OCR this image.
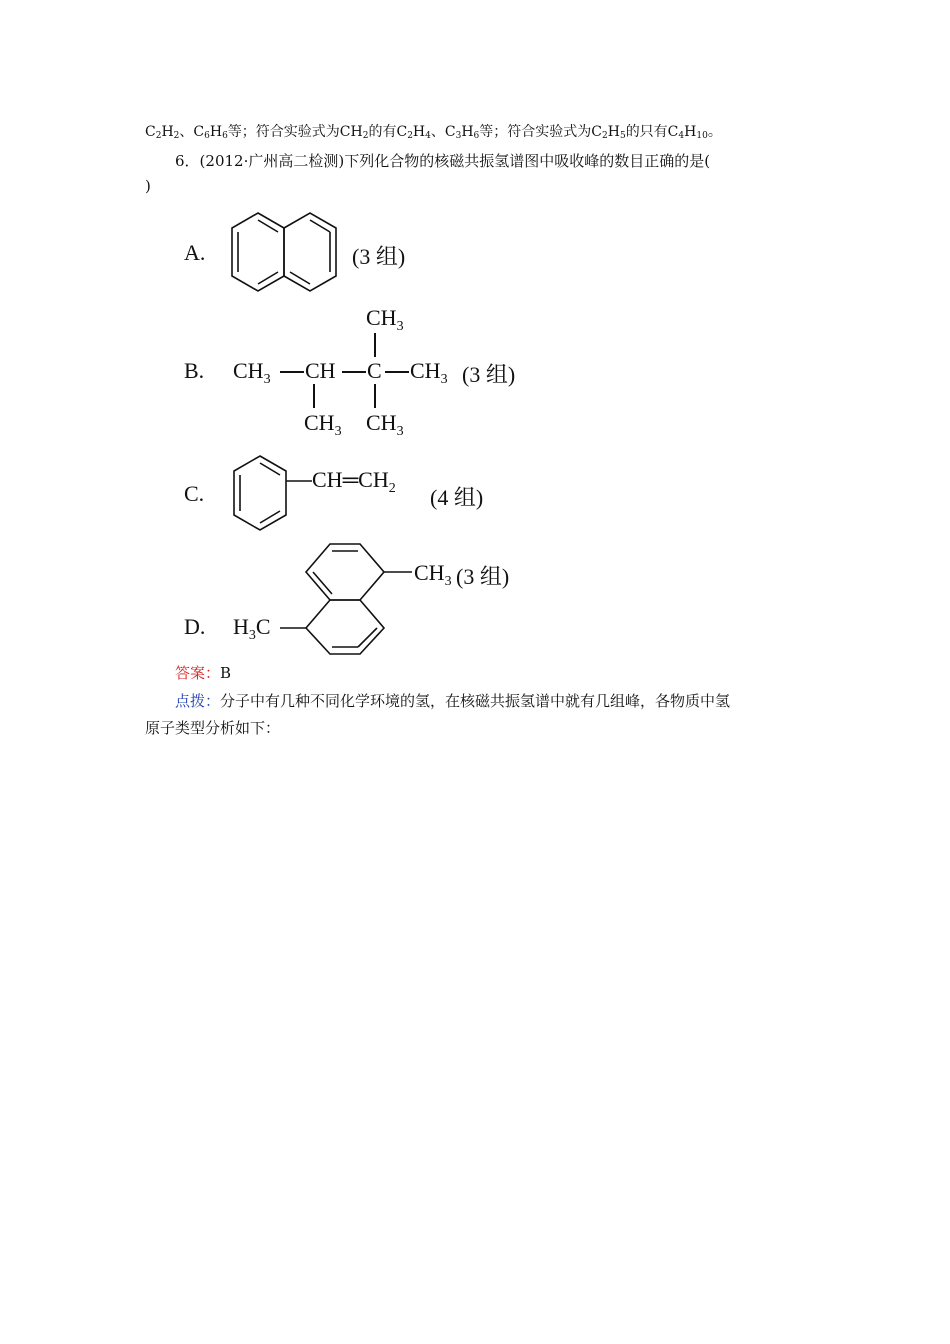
$C_2H_2$、$C_6H_6$等；符合实验式为$CH_2$的有$C_2H_4$、$C_3H_6$等；符合实验式为$C_2H_5$的只有$C_4H_{10}$。
6．(2012·广州高二检测)下列化合物的核磁共振氢谱图中吸收峰的数目正确的是(
)
A.	(3 组)
B.
$CH_3$
$CH_3$ CH C $CH_3$ (3 组)
$CH_3$ $CH_3$
C.
$CH═CH_2$ (4 组)
D.
$CH_3$ (3 组)
$H_3C$
答案：B
点拨：分子中有几种不同化学环境的氢，在核磁共振氢谱中就有几组峰，各物质中氢
原子类型分析如下：
